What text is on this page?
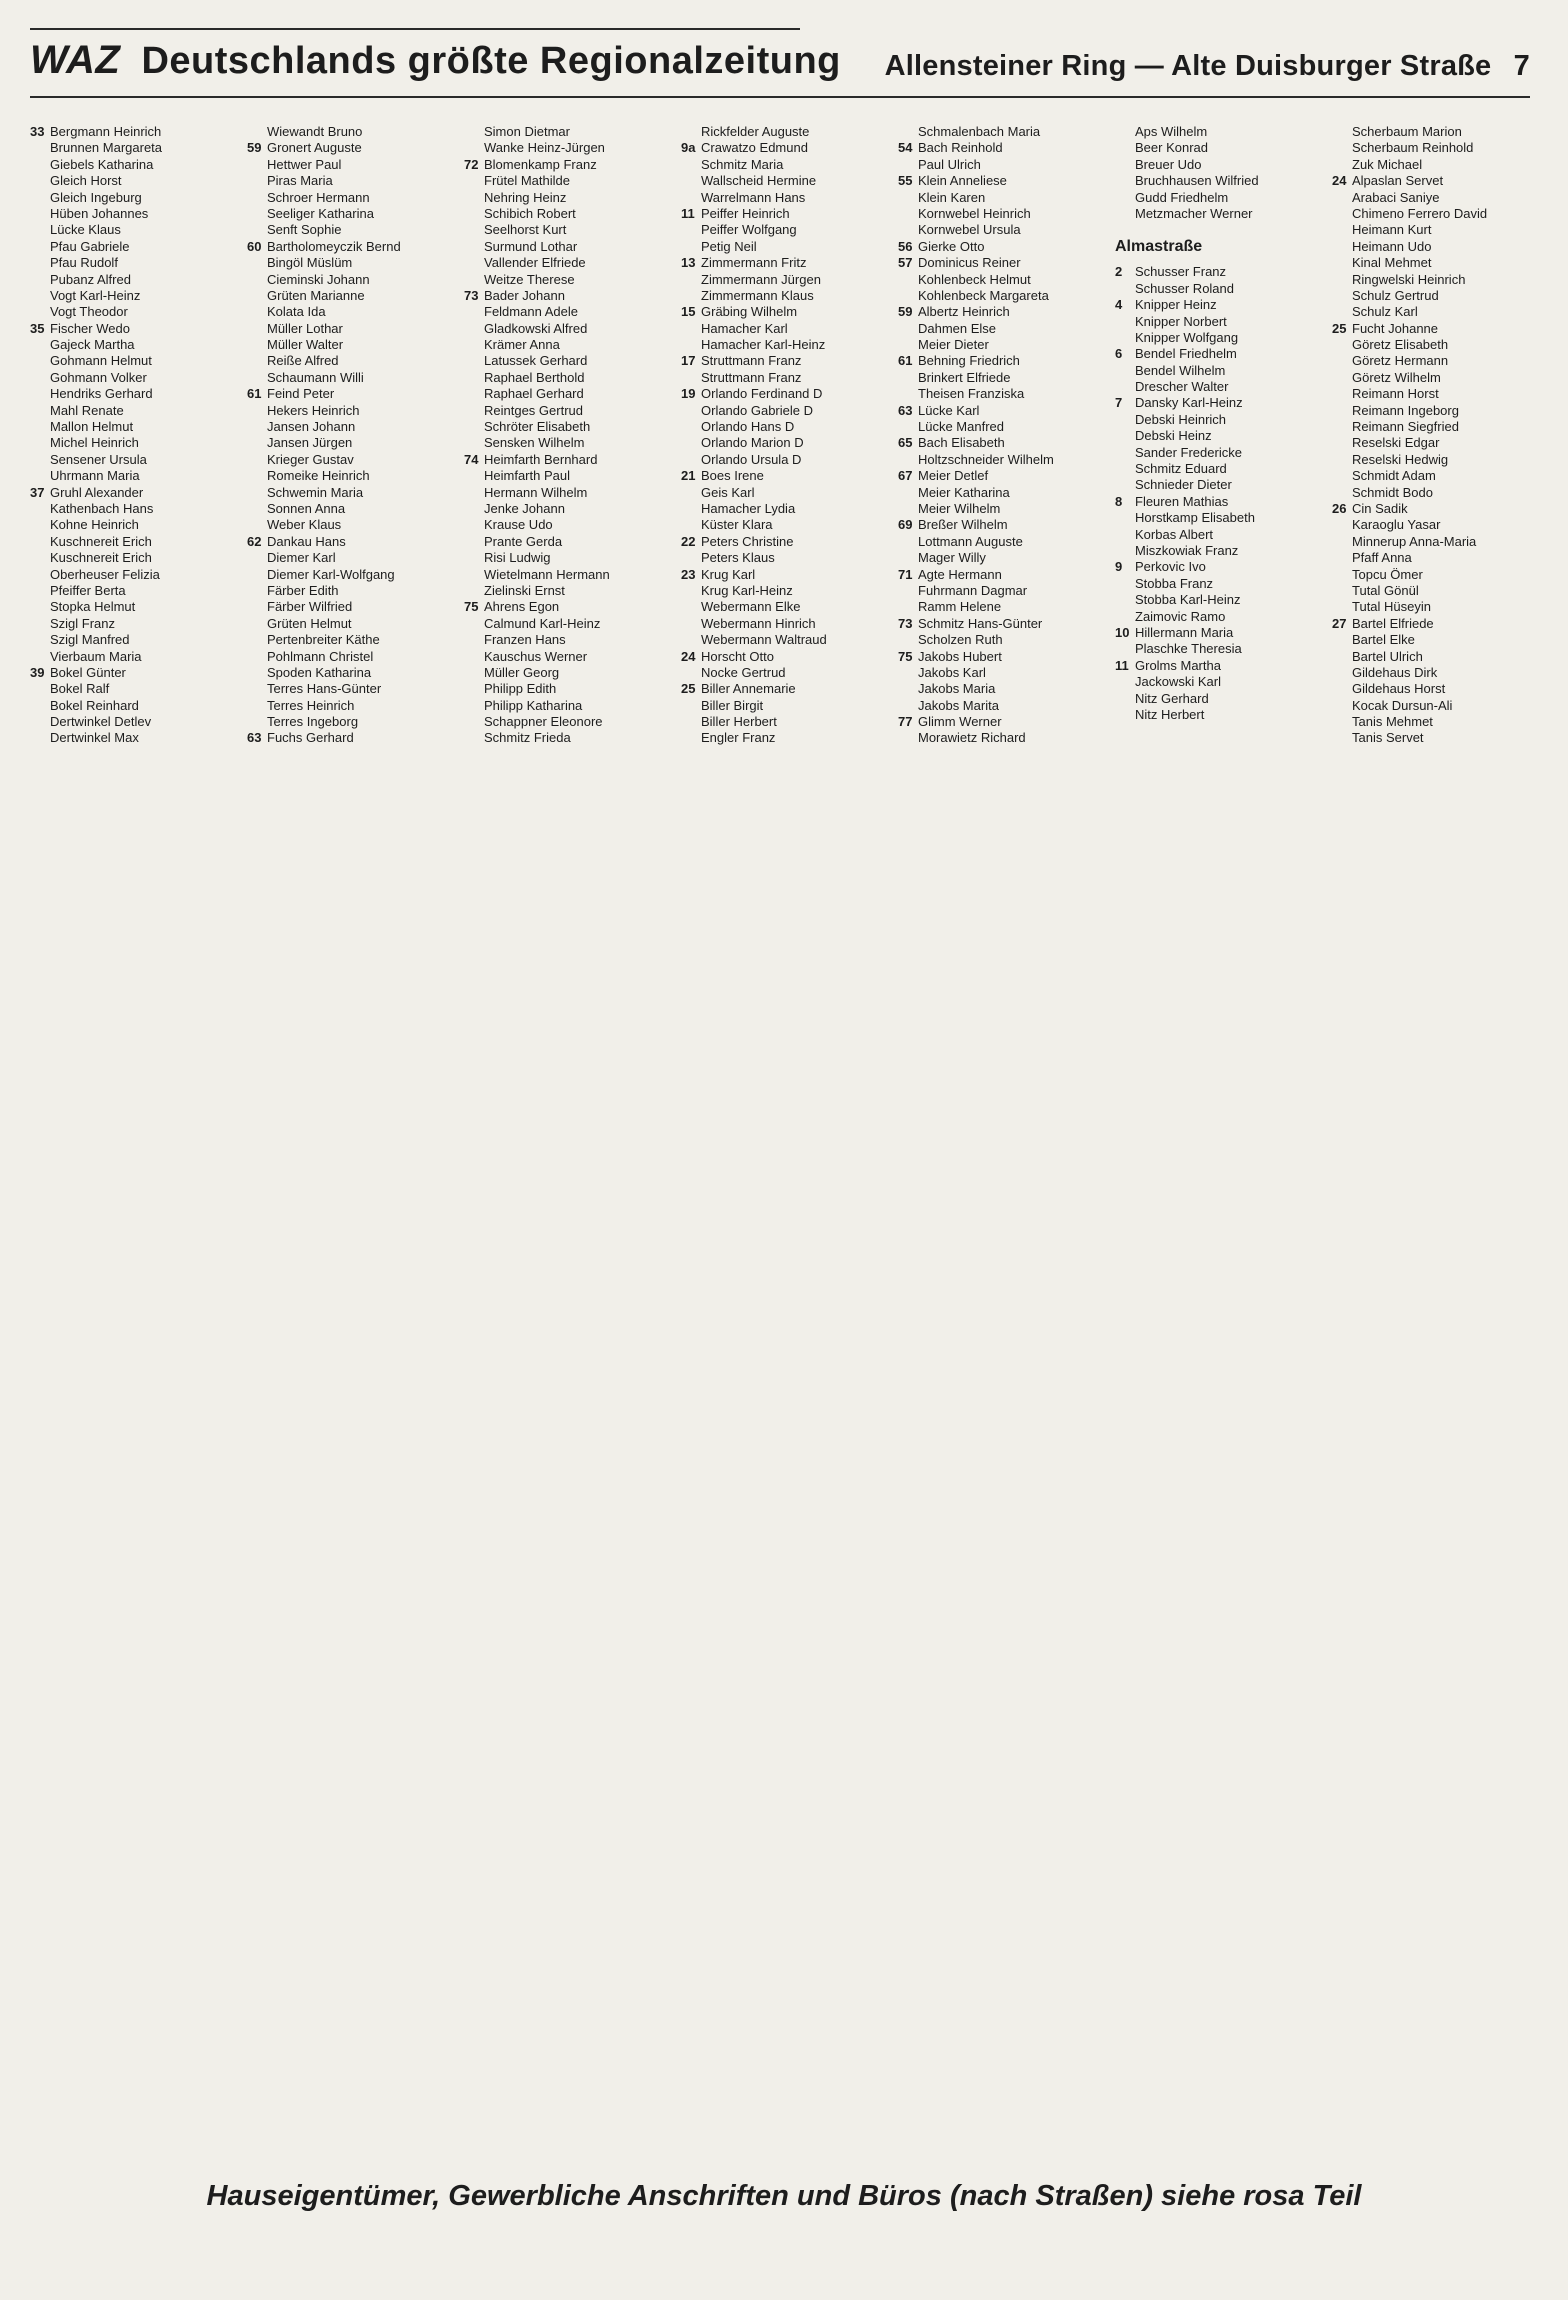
WAZ Deutschlands größte Regionalzeitung Allensteiner Ring — Alte Duisburger Straße 7
33 Bergmann Heinrich
Brunnen Margareta
Giebels Katharina
Gleich Horst
Gleich Ingeburg
Hüben Johannes
Lücke Klaus
Pfau Gabriele
Pfau Rudolf
Pubanz Alfred
Vogt Karl-Heinz
Vogt Theodor
35 Fischer Wedo
Gajeck Martha
Gohmann Helmut
Gohmann Volker
Hendriks Gerhard
Mahl Renate
Mallon Helmut
Michel Heinrich
Sensener Ursula
Uhrmann Maria
37 Gruhl Alexander
Kathenbach Hans
Kohne Heinrich
Kuschnereit Erich
Kuschnereit Erich
Oberheuser Felizia
Pfeiffer Berta
Stopka Helmut
Szigl Franz
Szigl Manfred
Vierbaum Maria
39 Bokel Günter
Bokel Ralf
Bokel Reinhard
Dertwinkel Detlev
Dertwinkel Max
Wiewandt Bruno
59 Gronert Auguste
Hettwer Paul
Piras Maria
Schroer Hermann
Seeliger Katharina
Senft Sophie
60 Bartholomeyczik Bernd
Bingöl Müslüm
Cieminski Johann
Grüten Marianne
Kolata Ida
Müller Lothar
Müller Walter
Reiße Alfred
Schaumann Willi
61 Feind Peter
Hekers Heinrich
Jansen Johann
Jansen Jürgen
Krieger Gustav
Romeike Heinrich
Schwemin Maria
Sonnen Anna
Weber Klaus
62 Dankau Hans
Diemer Karl
Diemer Karl-Wolfgang
Färber Edith
Färber Wilfried
Grüten Helmut
Pertenbreiter Käthe
Pohlmann Christel
Spoden Katharina
Terres Hans-Günter
Terres Heinrich
Terres Ingeborg
63 Fuchs Gerhard
Simon Dietmar
Wanke Heinz-Jürgen
72 Blomenkamp Franz
Frütel Mathilde
Nehring Heinz
Schibich Robert
Seelhorst Kurt
Surmund Lothar
Vallender Elfriede
Weitze Therese
73 Bader Johann
Feldmann Adele
Gladkowski Alfred
Krämer Anna
Latussek Gerhard
Raphael Berthold
Raphael Gerhard
Reintges Gertrud
Schröter Elisabeth
Sensken Wilhelm
74 Heimfarth Bernhard
Heimfarth Paul
Hermann Wilhelm
Jenke Johann
Krause Udo
Prante Gerda
Risi Ludwig
Wietelmann Hermann
Zielinski Ernst
75 Ahrens Egon
Calmund Karl-Heinz
Franzen Hans
Kauschus Werner
Müller Georg
Philipp Edith
Philipp Katharina
Schappner Eleonore
Schmitz Frieda
Rickfelder Auguste
9a Crawatzo Edmund
Schmitz Maria
Wallscheid Hermine
Warrelmann Hans
11 Peiffer Heinrich
Peiffer Wolfgang
Petig Neil
13 Zimmermann Fritz
Zimmermann Jürgen
Zimmermann Klaus
15 Gräbing Wilhelm
Hamacher Karl
Hamacher Karl-Heinz
17 Struttmann Franz
Struttmann Franz
19 Orlando Ferdinand D
Orlando Gabriele D
Orlando Hans D
Orlando Marion D
Orlando Ursula D
21 Boes Irene
Geis Karl
Hamacher Lydia
Küster Klara
22 Peters Christine
Peters Klaus
23 Krug Karl
Krug Karl-Heinz
Webermann Elke
Webermann Hinrich
Webermann Waltraud
24 Horscht Otto
Nocke Gertrud
25 Biller Annemarie
Biller Birgit
Biller Herbert
Engler Franz
Schmalenbach Maria
54 Bach Reinhold
Paul Ulrich
55 Klein Anneliese
Klein Karen
Kornwebel Heinrich
Kornwebel Ursula
56 Gierke Otto
57 Dominicus Reiner
Kohlenbeck Helmut
Kohlenbeck Margareta
59 Albertz Heinrich
Dahmen Else
Meier Dieter
61 Behning Friedrich
Brinkert Elfriede
Theisen Franziska
63 Lücke Karl
Lücke Manfred
65 Bach Elisabeth
Holtzschneider Wilhelm
67 Meier Detlef
Meier Katharina
Meier Wilhelm
69 Breßer Wilhelm
Lottmann Auguste
Mager Willy
71 Agte Hermann
Fuhrmann Dagmar
Ramm Helene
73 Schmitz Hans-Günter
Scholzen Ruth
75 Jakobs Hubert
Jakobs Karl
Jakobs Maria
Jakobs Marita
77 Glimm Werner
Morawietz Richard
Aps Wilhelm
Beer Konrad
Breuer Udo
Bruchhausen Wilfried
Gudd Friedhelm
Metzmacher Werner
Almastraße
2 Schusser Franz
Schusser Roland
4 Knipper Heinz
Knipper Norbert
Knipper Wolfgang
6 Bendel Friedhelm
Bendel Wilhelm
Drescher Walter
7 Dansky Karl-Heinz
Debski Heinrich
Debski Heinz
Sander Fredericke
Schmitz Eduard
Schnieder Dieter
8 Fleuren Mathias
Horstkamp Elisabeth
Korbas Albert
Miszkowiak Franz
9 Perkovic Ivo
Stobba Franz
Stobba Karl-Heinz
Zaimovic Ramo
10 Hillermann Maria
Plaschke Theresia
11 Grolms Martha
Jackowski Karl
Nitz Gerhard
Nitz Herbert
Scherbaum Marion
Scherbaum Reinhold
Zuk Michael
24 Alpaslan Servet
Arabaci Saniye
Chimeno Ferrero David
Heimann Kurt
Heimann Udo
Kinal Mehmet
Ringwelski Heinrich
Schulz Gertrud
Schulz Karl
25 Fucht Johanne
Göretz Elisabeth
Göretz Hermann
Göretz Wilhelm
Reimann Horst
Reimann Ingeborg
Reimann Siegfried
Reselski Edgar
Reselski Hedwig
Schmidt Adam
Schmidt Bodo
26 Cin Sadik
Karaoglu Yasar
Minnerup Anna-Maria
Pfaff Anna
Topcu Ömer
Tutal Gönül
Tutal Hüseyin
27 Bartel Elfriede
Bartel Elke
Bartel Ulrich
Gildehaus Dirk
Gildehaus Horst
Kocak Dursun-Ali
Tanis Mehmet
Tanis Servet
Hauseigentümer, Gewerbliche Anschriften und Büros (nach Straßen) siehe rosa Teil
